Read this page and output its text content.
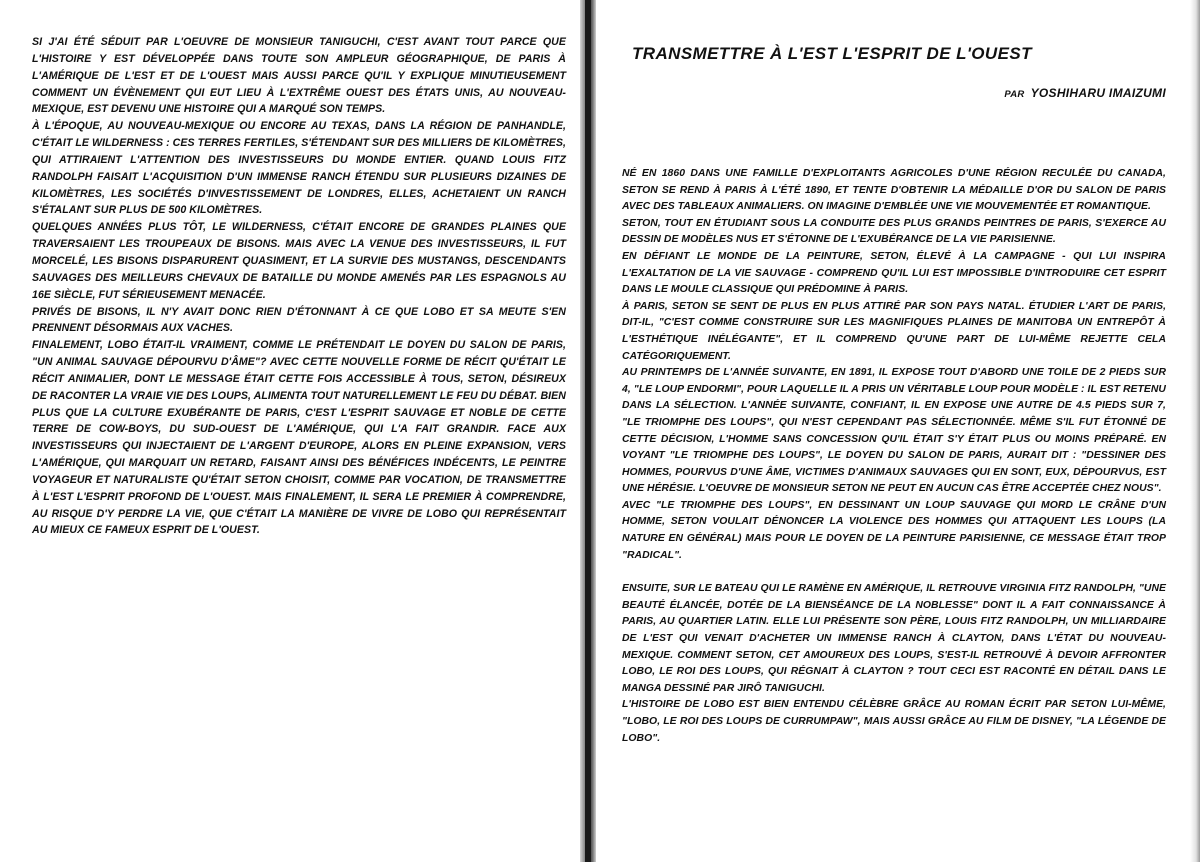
SI J'AI ÉTÉ SÉDUIT PAR L'OEUVRE DE MONSIEUR TANIGUCHI, C'EST AVANT TOUT PARCE QUE L'HISTOIRE Y EST DÉVELOPPÉE DANS TOUTE SON AMPLEUR GÉOGRAPHIQUE, DE PARIS À L'AMÉRIQUE DE L'EST ET DE L'OUEST MAIS AUSSI PARCE QU'IL Y EXPLIQUE MINUTIEUSEMENT COMMENT UN ÉVÈNEMENT QUI EUT LIEU À L'EXTRÊME OUEST DES ÉTATS UNIS, AU NOUVEAU-MEXIQUE, EST DEVENU UNE HISTOIRE QUI A MARQUÉ SON TEMPS.

À L'ÉPOQUE, AU NOUVEAU-MEXIQUE OU ENCORE AU TEXAS, DANS LA RÉGION DE PANHANDLE, C'ÉTAIT LE WILDERNESS : CES TERRES FERTILES, S'ÉTENDANT SUR DES MILLIERS DE KILOMÈTRES, QUI ATTIRAIENT L'ATTENTION DES INVESTISSEURS DU MONDE ENTIER. QUAND LOUIS FITZ RANDOLPH FAISAIT L'ACQUISITION D'UN IMMENSE RANCH ÉTENDU SUR PLUSIEURS DIZAINES DE KILOMÈTRES, LES SOCIÉTÉS D'INVESTISSEMENT DE LONDRES, ELLES, ACHETAIENT UN RANCH S'ÉTALANT SUR PLUS DE 500 KILOMÈTRES.

QUELQUES ANNÉES PLUS TÔT, LE WILDERNESS, C'ÉTAIT ENCORE DE GRANDES PLAINES QUE TRAVERSAIENT LES TROUPEAUX DE BISONS. MAIS AVEC LA VENUE DES INVESTISSEURS, IL FUT MORCELÉ, LES BISONS DISPARURENT QUASIMENT, ET LA SURVIE DES MUSTANGS, DESCENDANTS SAUVAGES DES MEILLEURS CHEVAUX DE BATAILLE DU MONDE AMENÉS PAR LES ESPAGNOLS AU 16E SIÈCLE, FUT SÉRIEUSEMENT MENACÉE.

PRIVÉS DE BISONS, IL N'Y AVAIT DONC RIEN D'ÉTONNANT À CE QUE LOBO ET SA MEUTE S'EN PRENNENT DÉSORMAIS AUX VACHES.

FINALEMENT, LOBO ÉTAIT-IL VRAIMENT, COMME LE PRÉTENDAIT LE DOYEN DU SALON DE PARIS, "UN ANIMAL SAUVAGE DÉPOURVU D'ÂME"? AVEC CETTE NOUVELLE FORME DE RÉCIT QU'ÉTAIT LE RÉCIT ANIMALIER, DONT LE MESSAGE ÉTAIT CETTE FOIS ACCESSIBLE À TOUS, SETON, DÉSIREUX DE RACONTER LA VRAIE VIE DES LOUPS, ALIMENTA TOUT NATURELLEMENT LE FEU DU DÉBAT. BIEN PLUS QUE LA CULTURE EXUBÉRANTE DE PARIS, C'EST L'ESPRIT SAUVAGE ET NOBLE DE CETTE TERRE DE COW-BOYS, DU SUD-OUEST DE L'AMÉRIQUE, QUI L'A FAIT GRANDIR. FACE AUX INVESTISSEURS QUI INJECTAIENT DE L'ARGENT D'EUROPE, ALORS EN PLEINE EXPANSION, VERS L'AMÉRIQUE, QUI MARQUAIT UN RETARD, FAISANT AINSI DES BÉNÉFICES INDÉCENTS, LE PEINTRE VOYAGEUR ET NATURALISTE QU'ÉTAIT SETON CHOISIT, COMME PAR VOCATION, DE TRANSMETTRE À L'EST L'ESPRIT PROFOND DE L'OUEST. MAIS FINALEMENT, IL SERA LE PREMIER À COMPRENDRE, AU RISQUE D'Y PERDRE LA VIE, QUE C'ÉTAIT LA MANIÈRE DE VIVRE DE LOBO QUI REPRÉSENTAIT AU MIEUX CE FAMEUX ESPRIT DE L'OUEST.

TRANSMETTRE À L'EST L'ESPRIT DE L'OUEST
PAR YOSHIHARU IMAIZUMI

NÉ EN 1860 DANS UNE FAMILLE D'EXPLOITANTS AGRICOLES D'UNE RÉGION RECULÉE DU CANADA, SETON SE REND À PARIS À L'ÉTÉ 1890, ET TENTE D'OBTENIR LA MÉDAILLE D'OR DU SALON DE PARIS AVEC DES TABLEAUX ANIMALIERS. ON IMAGINE D'EMBLÉE UNE VIE MOUVEMENTÉE ET ROMANTIQUE.

SETON, TOUT EN ÉTUDIANT SOUS LA CONDUITE DES PLUS GRANDS PEINTRES DE PARIS, S'EXERCE AU DESSIN DE MODÈLES NUS ET S'ÉTONNE DE L'EXUBÉRANCE DE LA VIE PARISIENNE.

EN DÉFIANT LE MONDE DE LA PEINTURE, SETON, ÉLEVÉ À LA CAMPAGNE - QUI LUI INSPIRA L'EXALTATION DE LA VIE SAUVAGE - COMPREND QU'IL LUI EST IMPOSSIBLE D'INTRODUIRE CET ESPRIT DANS LE MOULE CLASSIQUE QUI PRÉDOMINE À PARIS.

À PARIS, SETON SE SENT DE PLUS EN PLUS ATTIRÉ PAR SON PAYS NATAL. ÉTUDIER L'ART DE PARIS, DIT-IL, "C'EST COMME CONSTRUIRE SUR LES MAGNIFIQUES PLAINES DE MANITOBA UN ENTREPÔT À L'ESTHÉTIQUE INÉLÉGANTE", ET IL COMPREND QU'UNE PART DE LUI-MÊME REJETTE CELA CATÉGORIQUEMENT.

AU PRINTEMPS DE L'ANNÉE SUIVANTE, EN 1891, IL EXPOSE TOUT D'ABORD UNE TOILE DE 2 PIEDS SUR 4, "LE LOUP ENDORMI", POUR LAQUELLE IL A PRIS UN VÉRITABLE LOUP POUR MODÈLE : IL EST RETENU DANS LA SÉLECTION. L'ANNÉE SUIVANTE, CONFIANT, IL EN EXPOSE UNE AUTRE DE 4.5 PIEDS SUR 7, "LE TRIOMPHE DES LOUPS", QUI N'EST CEPENDANT PAS SÉLECTIONNÉE. MÊME S'IL FUT ÉTONNÉ DE CETTE DÉCISION, L'HOMME SANS CONCESSION QU'IL ÉTAIT S'Y ÉTAIT PLUS OU MOINS PRÉPARÉ. EN VOYANT "LE TRIOMPHE DES LOUPS", LE DOYEN DU SALON DE PARIS, AURAIT DIT : "DESSINER DES HOMMES, POURVUS D'UNE ÂME, VICTIMES D'ANIMAUX SAUVAGES QUI EN SONT, EUX, DÉPOURVUS, EST UNE HÉRÉSIE. L'OEUVRE DE MONSIEUR SETON NE PEUT EN AUCUN CAS ÊTRE ACCEPTÉE CHEZ NOUS".

AVEC "LE TRIOMPHE DES LOUPS", EN DESSINANT UN LOUP SAUVAGE QUI MORD LE CRÂNE D'UN HOMME, SETON VOULAIT DÉNONCER LA VIOLENCE DES HOMMES QUI ATTAQUENT LES LOUPS (LA NATURE EN GÉNÉRAL) MAIS POUR LE DOYEN DE LA PEINTURE PARISIENNE, CE MESSAGE ÉTAIT TROP "RADICAL".

ENSUITE, SUR LE BATEAU QUI LE RAMÈNE EN AMÉRIQUE, IL RETROUVE VIRGINIA FITZ RANDOLPH, "UNE BEAUTÉ ÉLANCÉE, DOTÉE DE LA BIENSÉANCE DE LA NOBLESSE" DONT IL A FAIT CONNAISSANCE À PARIS, AU QUARTIER LATIN. ELLE LUI PRÉSENTE SON PÈRE, LOUIS FITZ RANDOLPH, UN MILLIARDAIRE DE L'EST QUI VENAIT D'ACHETER UN IMMENSE RANCH À CLAYTON, DANS L'ÉTAT DU NOUVEAU-MEXIQUE. COMMENT SETON, CET AMOUREUX DES LOUPS, S'EST-IL RETROUVÉ À DEVOIR AFFRONTER LOBO, LE ROI DES LOUPS, QUI RÉGNAIT À CLAYTON ? TOUT CECI EST RACONTÉ EN DÉTAIL DANS LE MANGA DESSINÉ PAR JIRÔ TANIGUCHI.

L'HISTOIRE DE LOBO EST BIEN ENTENDU CÉLÈBRE GRÂCE AU ROMAN ÉCRIT PAR SETON LUI-MÊME, "LOBO, LE ROI DES LOUPS DE CURRUMPAW", MAIS AUSSI GRÂCE AU FILM DE DISNEY, "LA LÉGENDE DE LOBO".
